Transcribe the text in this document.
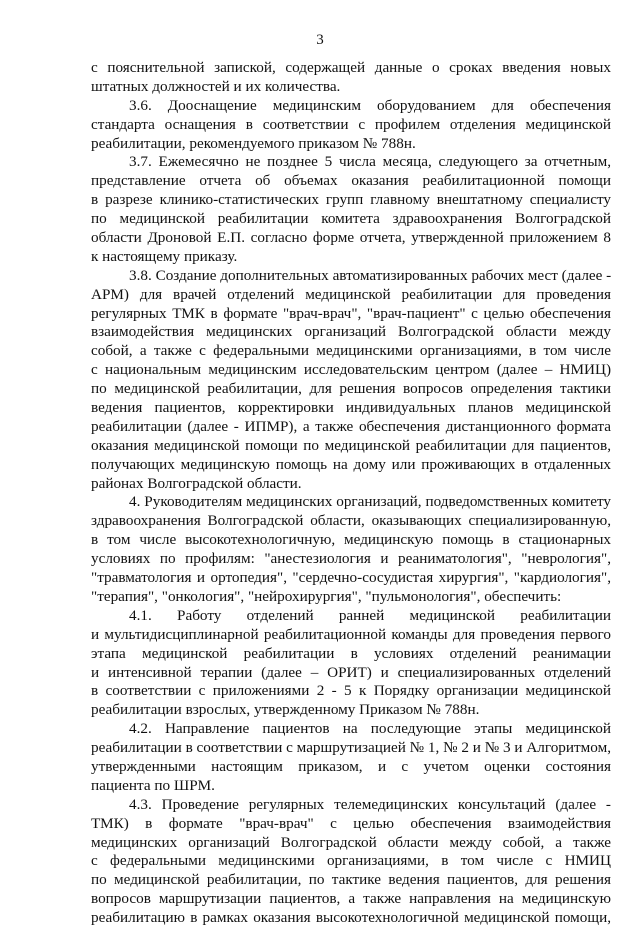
3
с пояснительной запиской, содержащей данные о сроках введения новых
штатных должностей и их количества.
3.6. Дооснащение медицинским оборудованием для обеспечения
стандарта оснащения в соответствии с профилем отделения медицинской
реабилитации, рекомендуемого приказом № 788н.
3.7. Ежемесячно не позднее 5 числа месяца, следующего за отчетным,
представление отчета об объемах оказания реабилитационной помощи
в разрезе клинико-статистических групп главному внештатному специалисту
по медицинской реабилитации комитета здравоохранения Волгоградской
области Дроновой Е.П. согласно форме отчета, утвержденной приложением 8
к настоящему приказу.
3.8. Создание дополнительных автоматизированных рабочих мест (далее -
АРМ) для врачей отделений медицинской реабилитации для проведения
регулярных ТМК в формате "врач-врач", "врач-пациент" с целью обеспечения
взаимодействия медицинских организаций Волгоградской области между
собой, а также с федеральными медицинскими организациями, в том числе
с национальным медицинским исследовательским центром (далее – НМИЦ)
по медицинской реабилитации, для решения вопросов определения тактики
ведения пациентов, корректировки индивидуальных планов медицинской
реабилитации (далее - ИПМР), а также обеспечения дистанционного формата
оказания медицинской помощи по медицинской реабилитации для пациентов,
получающих медицинскую помощь на дому или проживающих в отдаленных
районах Волгоградской области.
4. Руководителям медицинских организаций, подведомственных комитету
здравоохранения Волгоградской области, оказывающих специализированную,
в том числе высокотехнологичную, медицинскую помощь в стационарных
условиях по профилям: "анестезиология и реаниматология", "неврология",
"травматология и ортопедия", "сердечно-сосудистая хирургия", "кардиология",
"терапия", "онкология", "нейрохирургия", "пульмонология", обеспечить:
4.1. Работу отделений ранней медицинской реабилитации
и мультидисциплинарной реабилитационной команды для проведения первого
этапа медицинской реабилитации в условиях отделений реанимации
и интенсивной терапии (далее – ОРИТ) и специализированных отделений
в соответствии с приложениями 2 - 5 к Порядку организации медицинской
реабилитации взрослых, утвержденному Приказом № 788н.
4.2. Направление пациентов на последующие этапы медицинской
реабилитации в соответствии с маршрутизацией № 1, № 2 и № 3 и Алгоритмом,
утвержденными настоящим приказом, и с учетом оценки состояния
пациента по ШРМ.
4.3. Проведение регулярных телемедицинских консультаций (далее -
ТМК) в формате "врач-врач" с целью обеспечения взаимодействия
медицинских организаций Волгоградской области между собой, а также
с федеральными медицинскими организациями, в том числе с НМИЦ
по медицинской реабилитации, по тактике ведения пациентов, для решения
вопросов маршрутизации пациентов, а также направления на медицинскую
реабилитацию в рамках оказания высокотехнологичной медицинской помощи,
